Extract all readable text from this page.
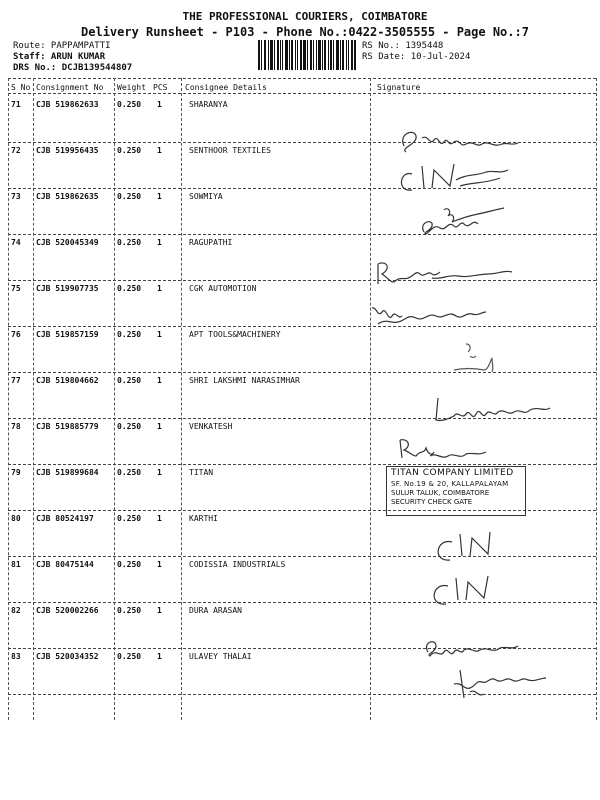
THE PROFESSIONAL COURIERS, COIMBATORE
Delivery Runsheet - P103 - Phone No.:0422-3505555 - Page No.:7
Route: PAPPAMPATTI
Staff: ARUN KUMAR
DRS No.: DCJB139544807
RS No.: 1395448
RS Date: 10-Jul-2024
S No Consignment No Weight PCS Consignee Details	Signature
71 CJB 519862633 0.250 1	SHARANYA
72 CJB 519956435 0.250 1	SENTHOOR TEXTILES
73 CJB 519862635 0.250 1	SOWMIYA
74 CJB 520045349 0.250 1	RAGUPATHI
75 CJB 519907735 0.250 1	CGK AUTOMOTION
76 CJB 519857159 0.250 1	APT TOOLS&MACHINERY
77 CJB 519804662 0.250 1	SHRI LAKSHMI NARASIMHAR
78 CJB 519885779 0.250 1	VENKATESH
79 CJB 519899684 0.250 1	TITAN
80 CJB 80524197	0.250 1	KARTHI
81 CJB 80475144	0.250 1	CODISSIA INDUSTRIALS
82 CJB 520002266 0.250 1	DURA ARASAN
83 CJB 520034352 0.250 1	ULAVEY THALAI
TITAN COMPANY LIMITED
SF. No.19 & 20, KALLAPALAYAM
SULUR TALUK, COIMBATORE
SECURITY CHECK GATE
